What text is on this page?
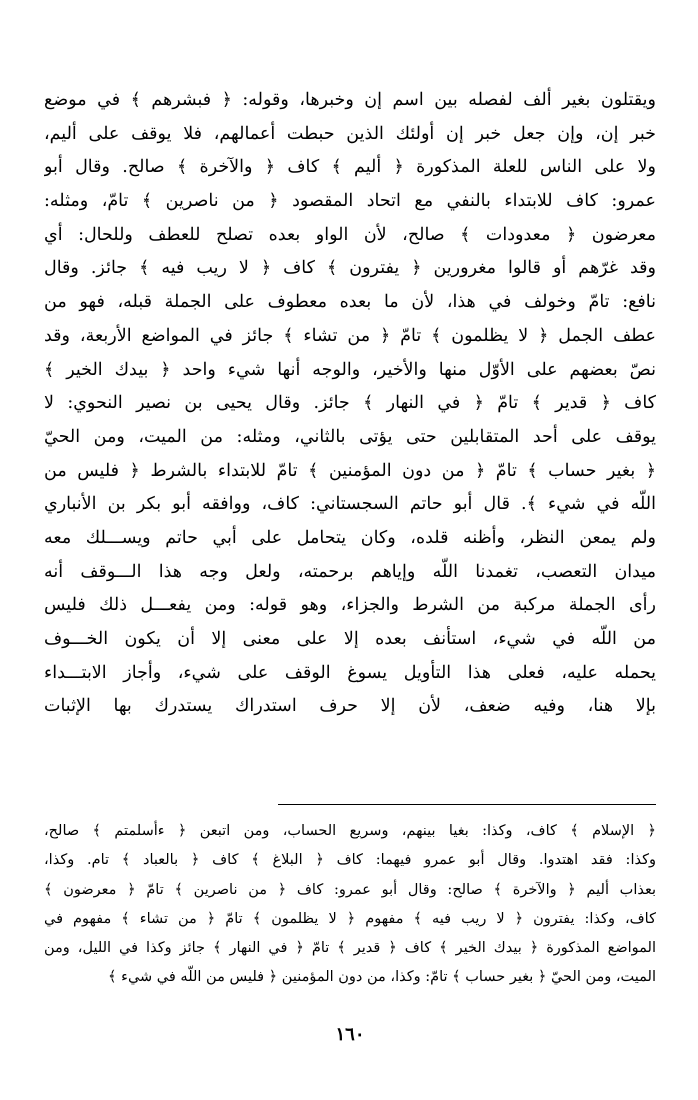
ويقتلون بغير ألف لفصله بين اسم إن وخبرها، وقوله: ﴿ فبشرهم ﴾ في موضع
خبر إن، وإن جعل خبر إن أولئك الذين حبطت أعمالهم، فلا يوقف على أليم،
ولا على الناس للعلة المذكورة ﴿ أليم ﴾ كاف ﴿ والآخرة ﴾ صالح. وقال أبو
عمرو: كاف للابتداء بالنفي مع اتحاد المقصود ﴿ من ناصرين ﴾ تامّ، ومثله:
معرضون ﴿ معدودات ﴾ صالح، لأن الواو بعده تصلح للعطف وللحال: أي
وقد غرّهم أو قالوا مغرورين ﴿ يفترون ﴾ كاف ﴿ لا ريب فيه ﴾ جائز. وقال
نافع: تامّ وخولف في هذا، لأن ما بعده معطوف على الجملة قبله، فهو من
عطف الجمل ﴿ لا يظلمون ﴾ تامّ ﴿ من تشاء ﴾ جائز في المواضع الأربعة، وقد
نصّ بعضهم على الأوّل منها والأخير، والوجه أنها شيء واحد ﴿ بيدك الخير ﴾
كاف ﴿ قدير ﴾ تامّ ﴿ في النهار ﴾ جائز. وقال يحيى بن نصير النحوي: لا
يوقف على أحد المتقابلين حتى يؤتى بالثاني، ومثله: من الميت، ومن الحيّ
﴿ بغير حساب ﴾ تامّ ﴿ من دون المؤمنين ﴾ تامّ للابتداء بالشرط ﴿ فليس من
اللّه في شيء ﴾. قال أبو حاتم السجستاني: كاف، ووافقه أبو بكر بن الأنباري
ولم يمعن النظر، وأظنه قلده، وكان يتحامل على أبي حاتم ويســـلك معه
ميدان التعصب، تغمدنا اللّه وإياهم برحمته، ولعل وجه هذا الـــوقف أنه
رأى الجملة مركبة من الشرط والجزاء، وهو قوله: ومن يفعـــل ذلك فليس
من اللّه في شيء، استأنف بعده إلا على معنى إلا أن يكون الخـــوف
يحمله عليه، فعلى هذا التأويل يسوغ الوقف على شيء، وأجاز الابتـــداء
بإلا هنا، وفيه ضعف، لأن إلا حرف استدراك يستدرك بها الإثبات
﴿ الإسلام ﴾ كاف، وكذا: بغيا بينهم، وسريع الحساب، ومن اتبعن ﴿ ءأسلمتم ﴾ صالح،
وكذا: فقد اهتدوا. وقال أبو عمرو فيهما: كاف ﴿ البلاغ ﴾ كاف ﴿ بالعباد ﴾ تام. وكذا،
بعذاب أليم ﴿ والآخرة ﴾ صالح: وقال أبو عمرو: كاف ﴿ من ناصرين ﴾ تامّ ﴿ معرضون ﴾
كاف، وكذا: يفترون ﴿ لا ريب فيه ﴾ مفهوم ﴿ لا يظلمون ﴾ تامّ ﴿ من تشاء ﴾ مفهوم في
المواضع المذكورة ﴿ بيدك الخير ﴾ كاف ﴿ قدير ﴾ تامّ ﴿ في النهار ﴾ جائز وكذا في الليل، ومن
الميت، ومن الحيّ ﴿ بغير حساب ﴾ تامّ: وكذا، من دون المؤمنين ﴿ فليس من اللّه في شيء ﴾
١٦٠
